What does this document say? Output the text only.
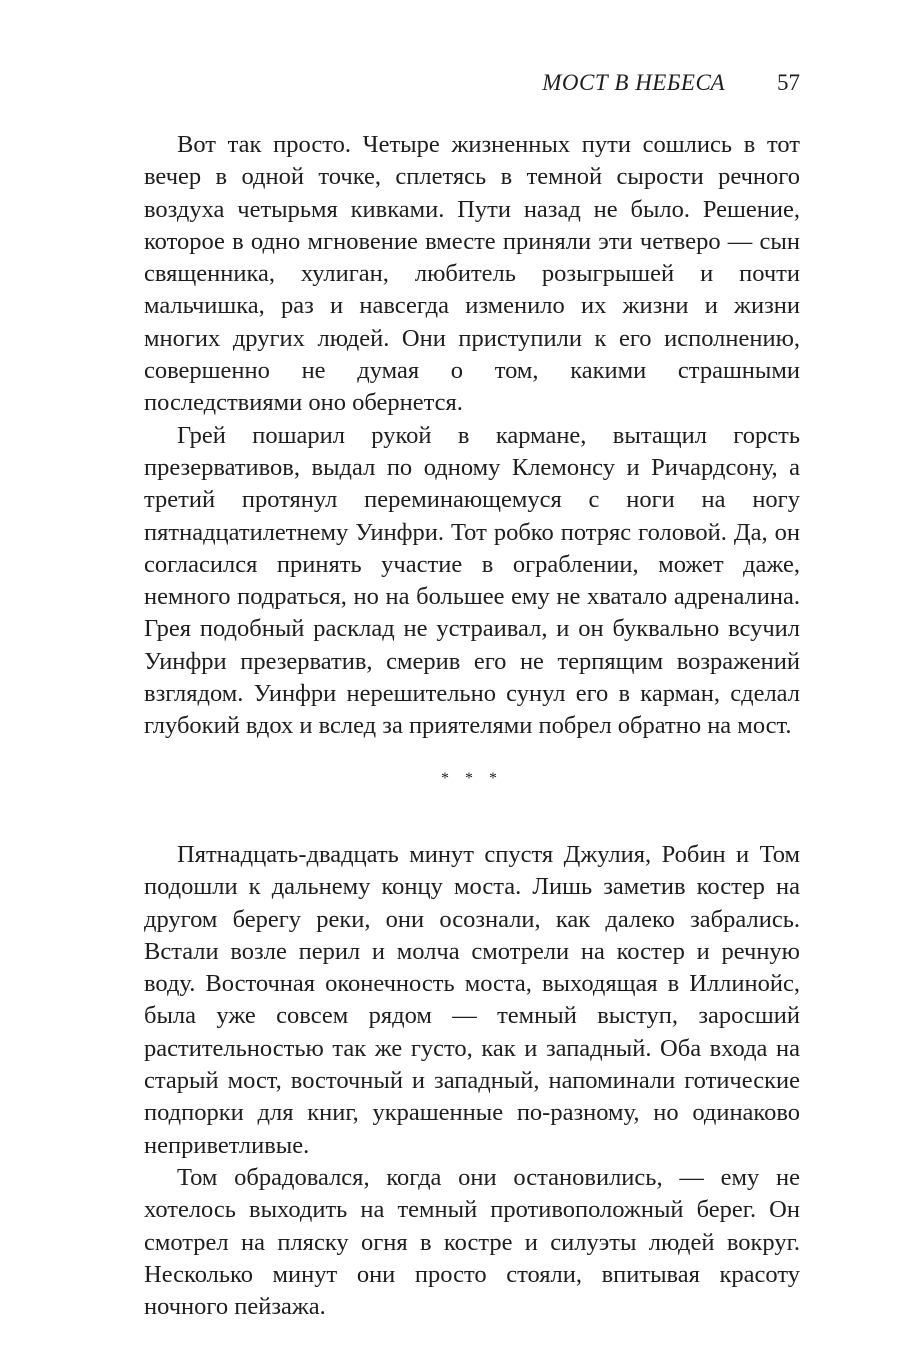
МОСТ В НЕБЕСА 57

Вот так просто. Четыре жизненных пути сошлись в тот вечер в одной точке, сплетясь в темной сырости речного воздуха четырьмя кивками. Пути назад не было. Решение, которое в одно мгновение вместе приняли эти четверо — сын священника, хулиган, любитель розыгрышей и почти мальчишка, раз и навсегда изменило их жизни и жизни многих других людей. Они приступили к его исполнению, совершенно не думая о том, какими страшными последствиями оно обернется.

Грей пошарил рукой в кармане, вытащил горсть презервативов, выдал по одному Клемонсу и Ричардсону, а третий протянул переминающемуся с ноги на ногу пятнадцатилетнему Уинфри. Тот робко потряс головой. Да, он согласился принять участие в ограблении, может даже, немного подраться, но на большее ему не хватало адреналина. Грея подобный расклад не устраивал, и он буквально всучил Уинфри презерватив, смерив его не терпящим возражений взглядом. Уинфри нерешительно сунул его в карман, сделал глубокий вдох и вслед за приятелями побрел обратно на мост.

* * *

Пятнадцать-двадцать минут спустя Джулия, Робин и Том подошли к дальнему концу моста. Лишь заметив костер на другом берегу реки, они осознали, как далеко забрались. Встали возле перил и молча смотрели на костер и речную воду. Восточная оконечность моста, выходящая в Иллинойс, была уже совсем рядом — темный выступ, заросший растительностью так же густо, как и западный. Оба входа на старый мост, восточный и западный, напоминали готические подпорки для книг, украшенные по-разному, но одинаково неприветливые.

Том обрадовался, когда они остановились, — ему не хотелось выходить на темный противоположный берег. Он смотрел на пляску огня в костре и силуэты людей вокруг. Несколько минут они просто стояли, впитывая красоту ночного пейзажа.
